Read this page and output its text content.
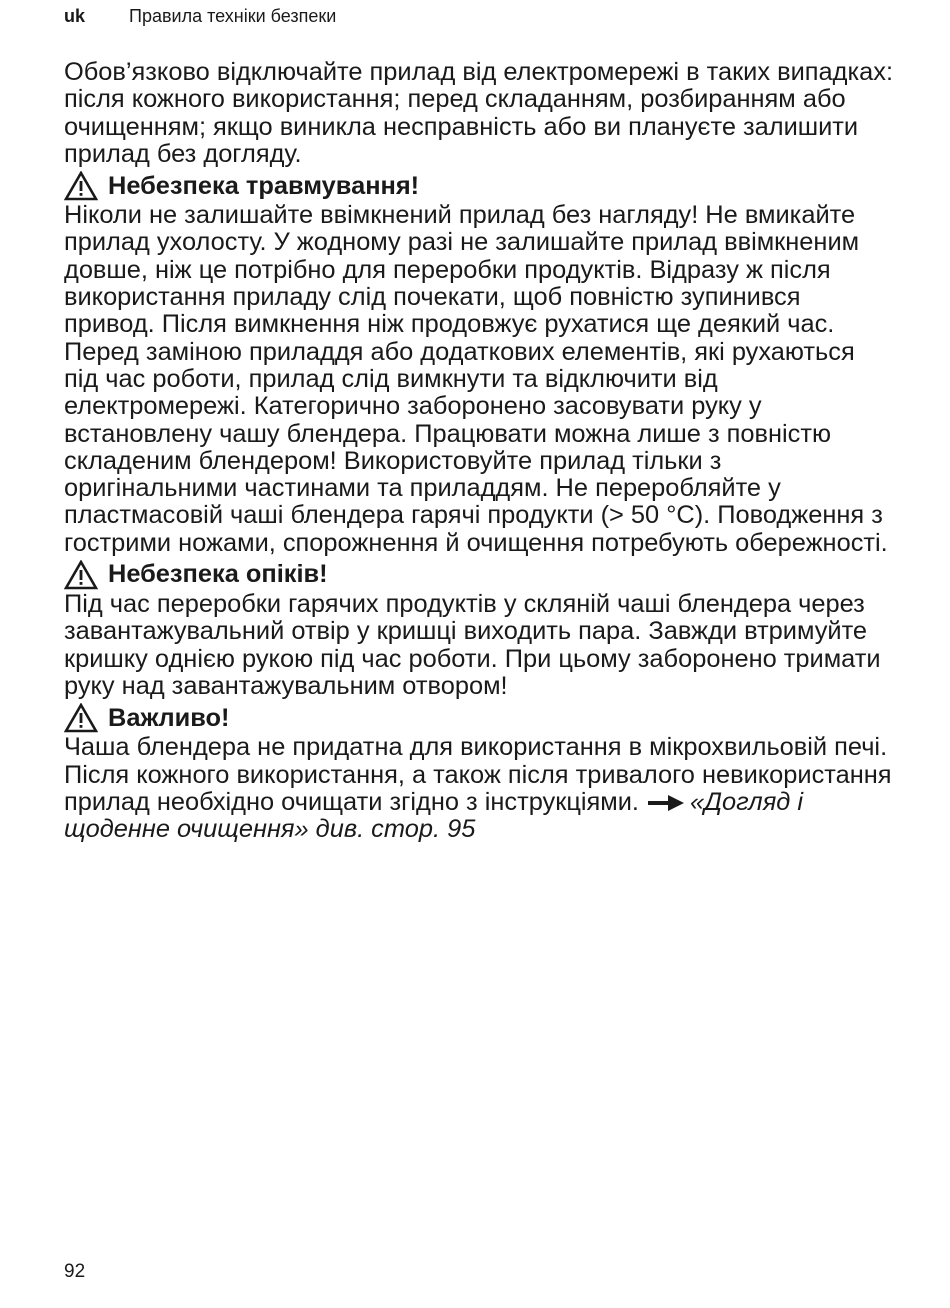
uk	Правила техніки безпеки

Обов’язково відключайте прилад від електромережі в таких випадках: після кожного використання; перед складанням, розбиранням або очищенням; якщо виникла несправність або ви плануєте залишити прилад без догляду.

Небезпека травмування!

Ніколи не залишайте ввімкнений прилад без нагляду! Не вмикайте прилад ухолосту. У жодному разі не залишайте прилад ввімкненим довше, ніж це потрібно для переробки продуктів. Відразу ж після використання приладу слід почекати, щоб повністю зупинився привод. Після вимкнення ніж продовжує рухатися ще деякий час. Перед заміною приладдя або додаткових елементів, які рухаються під час роботи, прилад слід вимкнути та відключити від електромережі. Категорично заборонено засовувати руку у встановлену чашу блендера. Працювати можна лише з повністю складеним блендером! Використовуйте прилад тільки з оригінальними частинами та приладдям. Не переробляйте у пластмасовій чаші блендера гарячі продукти (> 50 °C). Поводження з гострими ножами, спорожнення й очищення потребують обережності.

Небезпека опіків!

Під час переробки гарячих продуктів у скляній чаші блендера через завантажувальний отвір у кришці виходить пара. Завжди втримуйте кришку однією рукою під час роботи. При цьому заборонено тримати руку над завантажувальним отвором!

Важливо!

Чаша блендера не придатна для використання в мікрохвильовій печі. Після кожного використання, а також після тривалого невикористання прилад необхідно очищати згідно з інструкціями. «Догляд і щоденне очищення» див. стор. 95

92
